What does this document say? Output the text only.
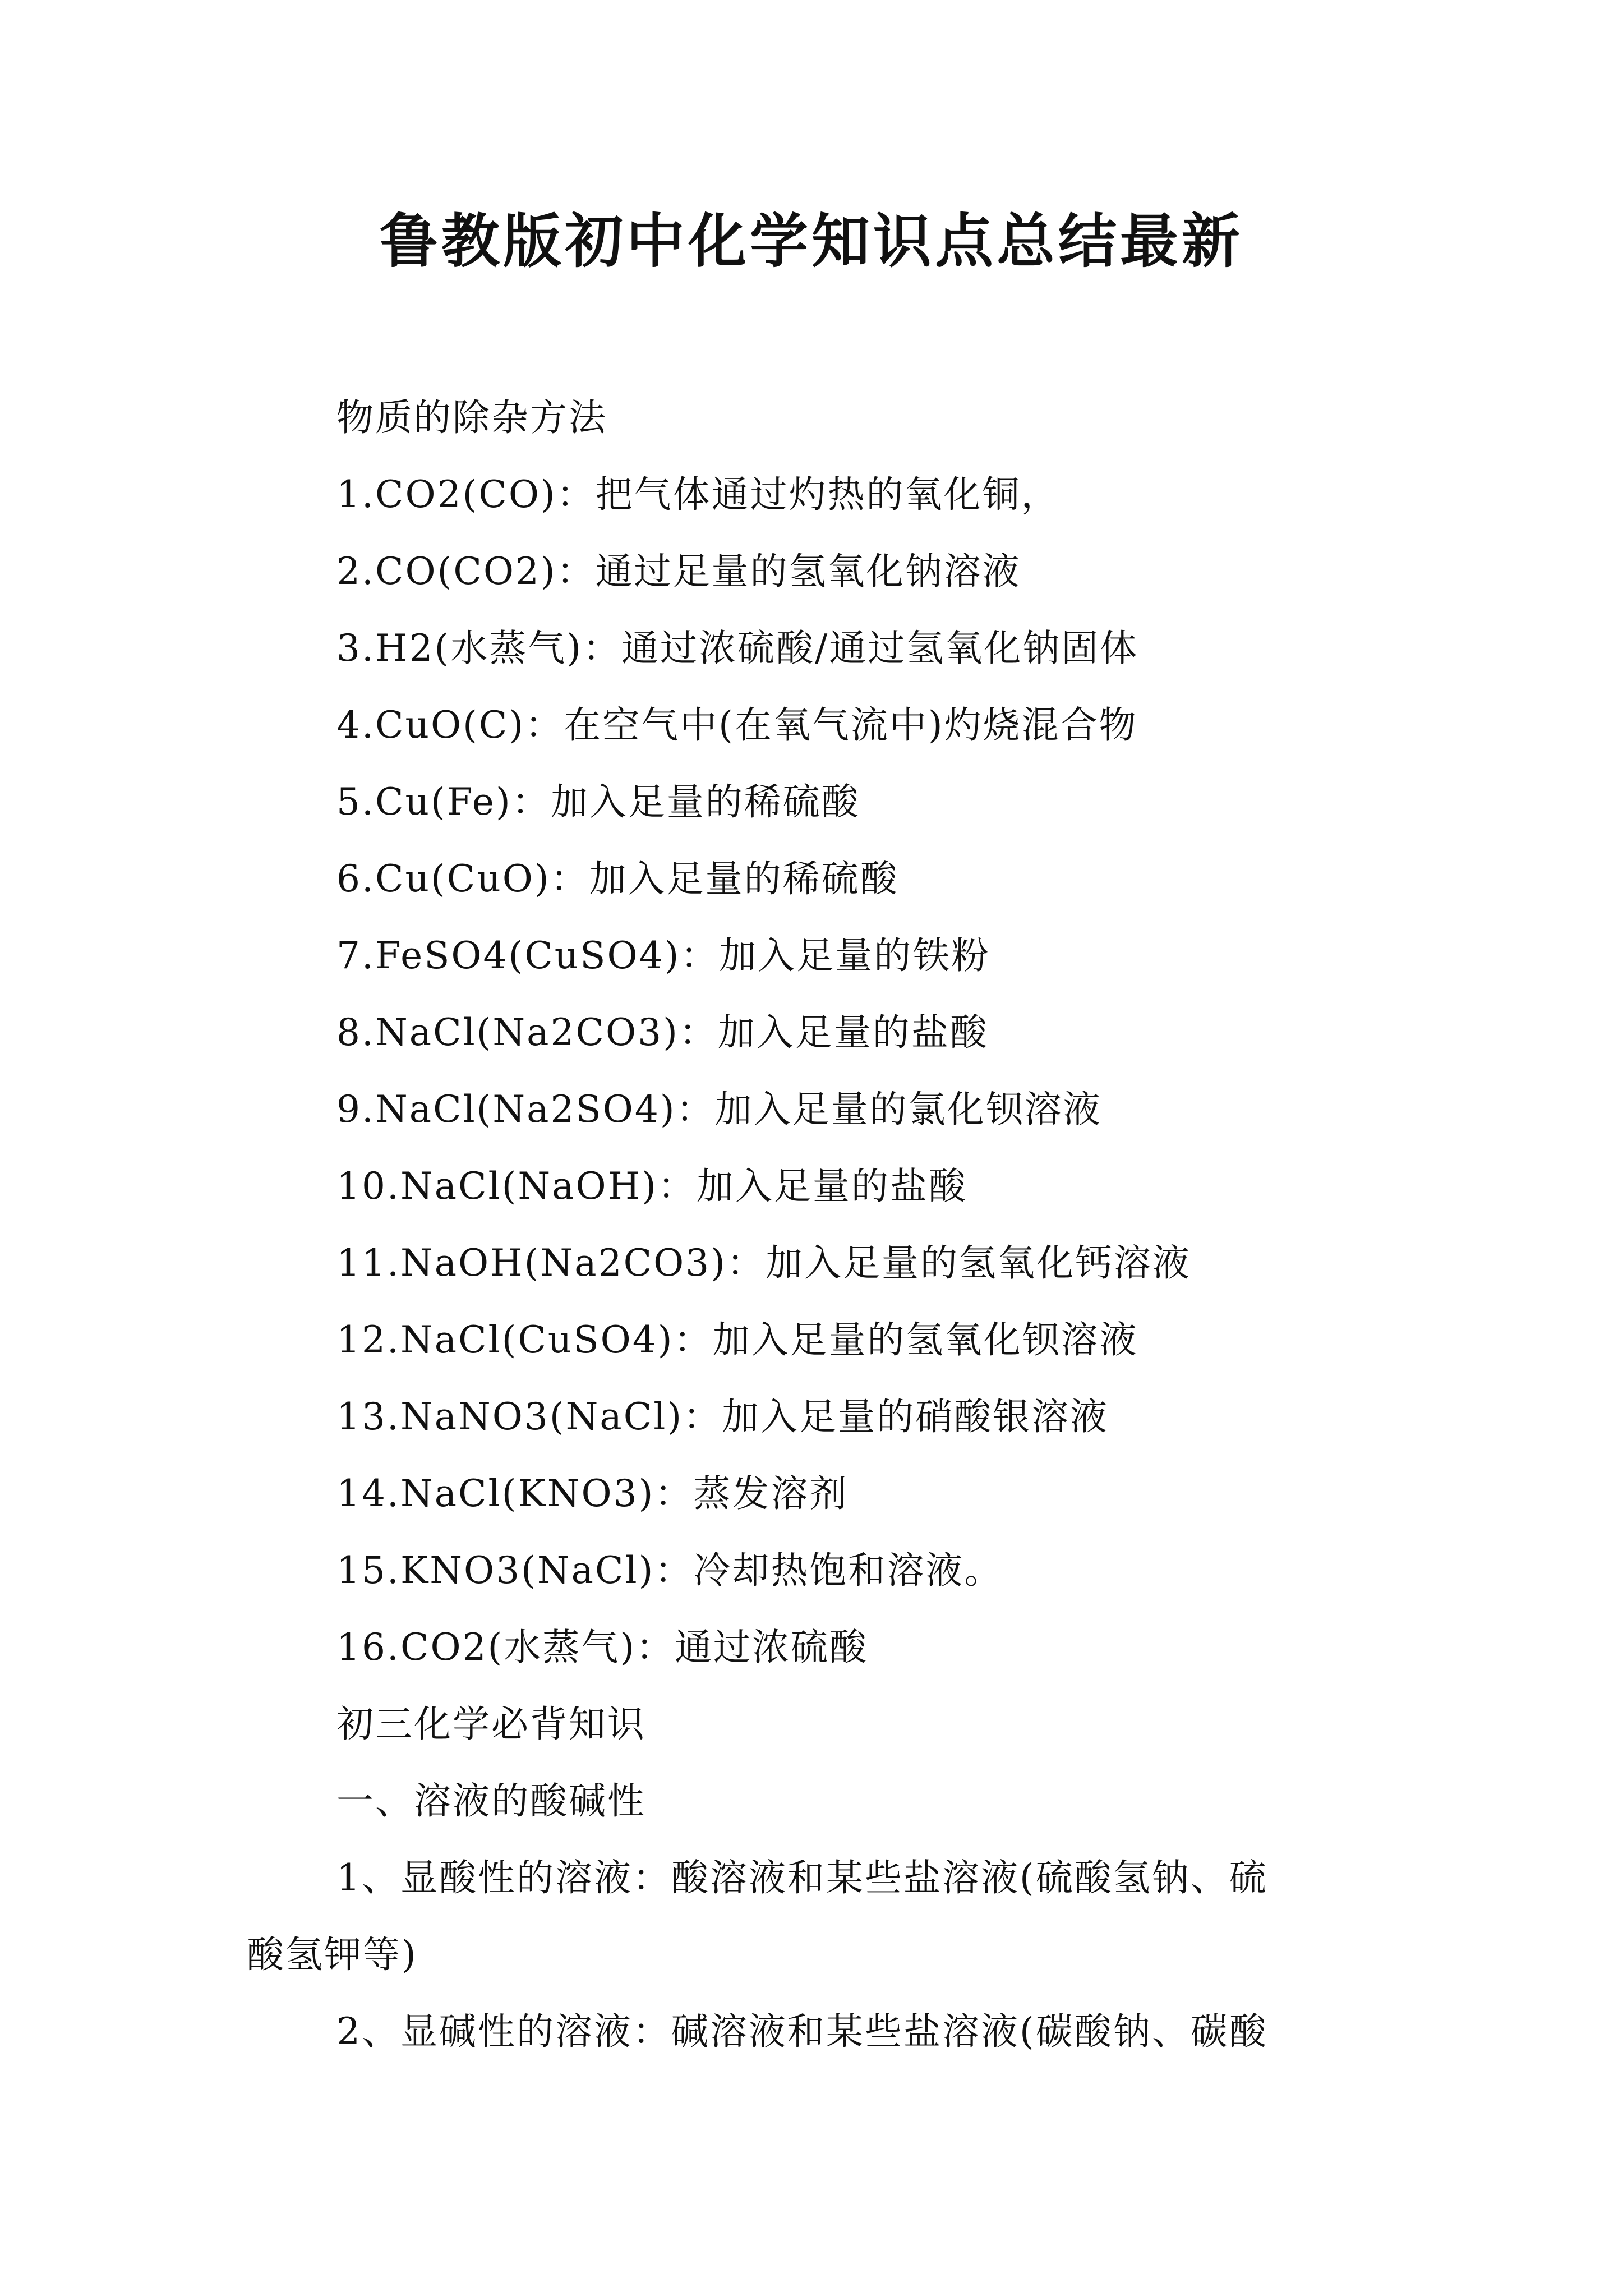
鲁教版初中化学知识点总结最新
物质的除杂方法
1.CO2(CO)：把气体通过灼热的氧化铜，
2.CO(CO2)：通过足量的氢氧化钠溶液
3.H2(水蒸气)：通过浓硫酸/通过氢氧化钠固体
4.CuO(C)：在空气中(在氧气流中)灼烧混合物
5.Cu(Fe)：加入足量的稀硫酸
6.Cu(CuO)：加入足量的稀硫酸
7.FeSO4(CuSO4)：加入足量的铁粉
8.NaCl(Na2CO3)：加入足量的盐酸
9.NaCl(Na2SO4)：加入足量的氯化钡溶液
10.NaCl(NaOH)：加入足量的盐酸
11.NaOH(Na2CO3)：加入足量的氢氧化钙溶液
12.NaCl(CuSO4)：加入足量的氢氧化钡溶液
13.NaNO3(NaCl)：加入足量的硝酸银溶液
14.NaCl(KNO3)：蒸发溶剂
15.KNO3(NaCl)：冷却热饱和溶液。
16.CO2(水蒸气)：通过浓硫酸
初三化学必背知识
一、溶液的酸碱性
1、显酸性的溶液：酸溶液和某些盐溶液(硫酸氢钠、硫
酸氢钾等)
2、显碱性的溶液：碱溶液和某些盐溶液(碳酸钠、碳酸
